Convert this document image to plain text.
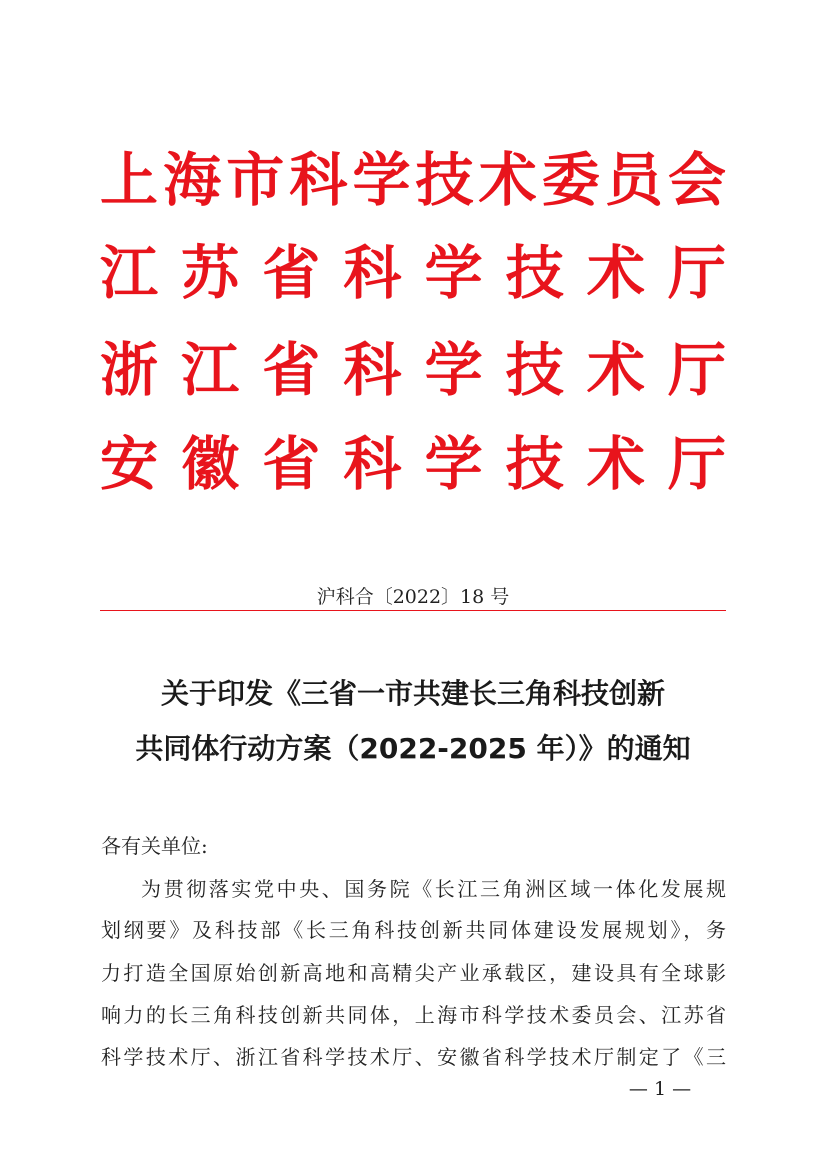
上 海 市 科 学 技 术 委 员 会
江 苏 省 科 学 技 术 厅
浙 江 省 科 学 技 术 厅
安 徽 省 科 学 技 术 厅
沪科合〔2022〕18 号
关于印发《三省一市共建长三角科技创新
共同体行动方案（2022-2025 年）》的通知
各有关单位:
为贯彻落实党中央、国务院《长江三角洲区域一体化发展规
划纲要》及科技部《长三角科技创新共同体建设发展规划》，务
力打造全国原始创新高地和高精尖产业承载区，建设具有全球影
响力的长三角科技创新共同体，上海市科学技术委员会、江苏省
科学技术厅、浙江省科学技术厅、安徽省科学技术厅制定了《三
— 1 —
